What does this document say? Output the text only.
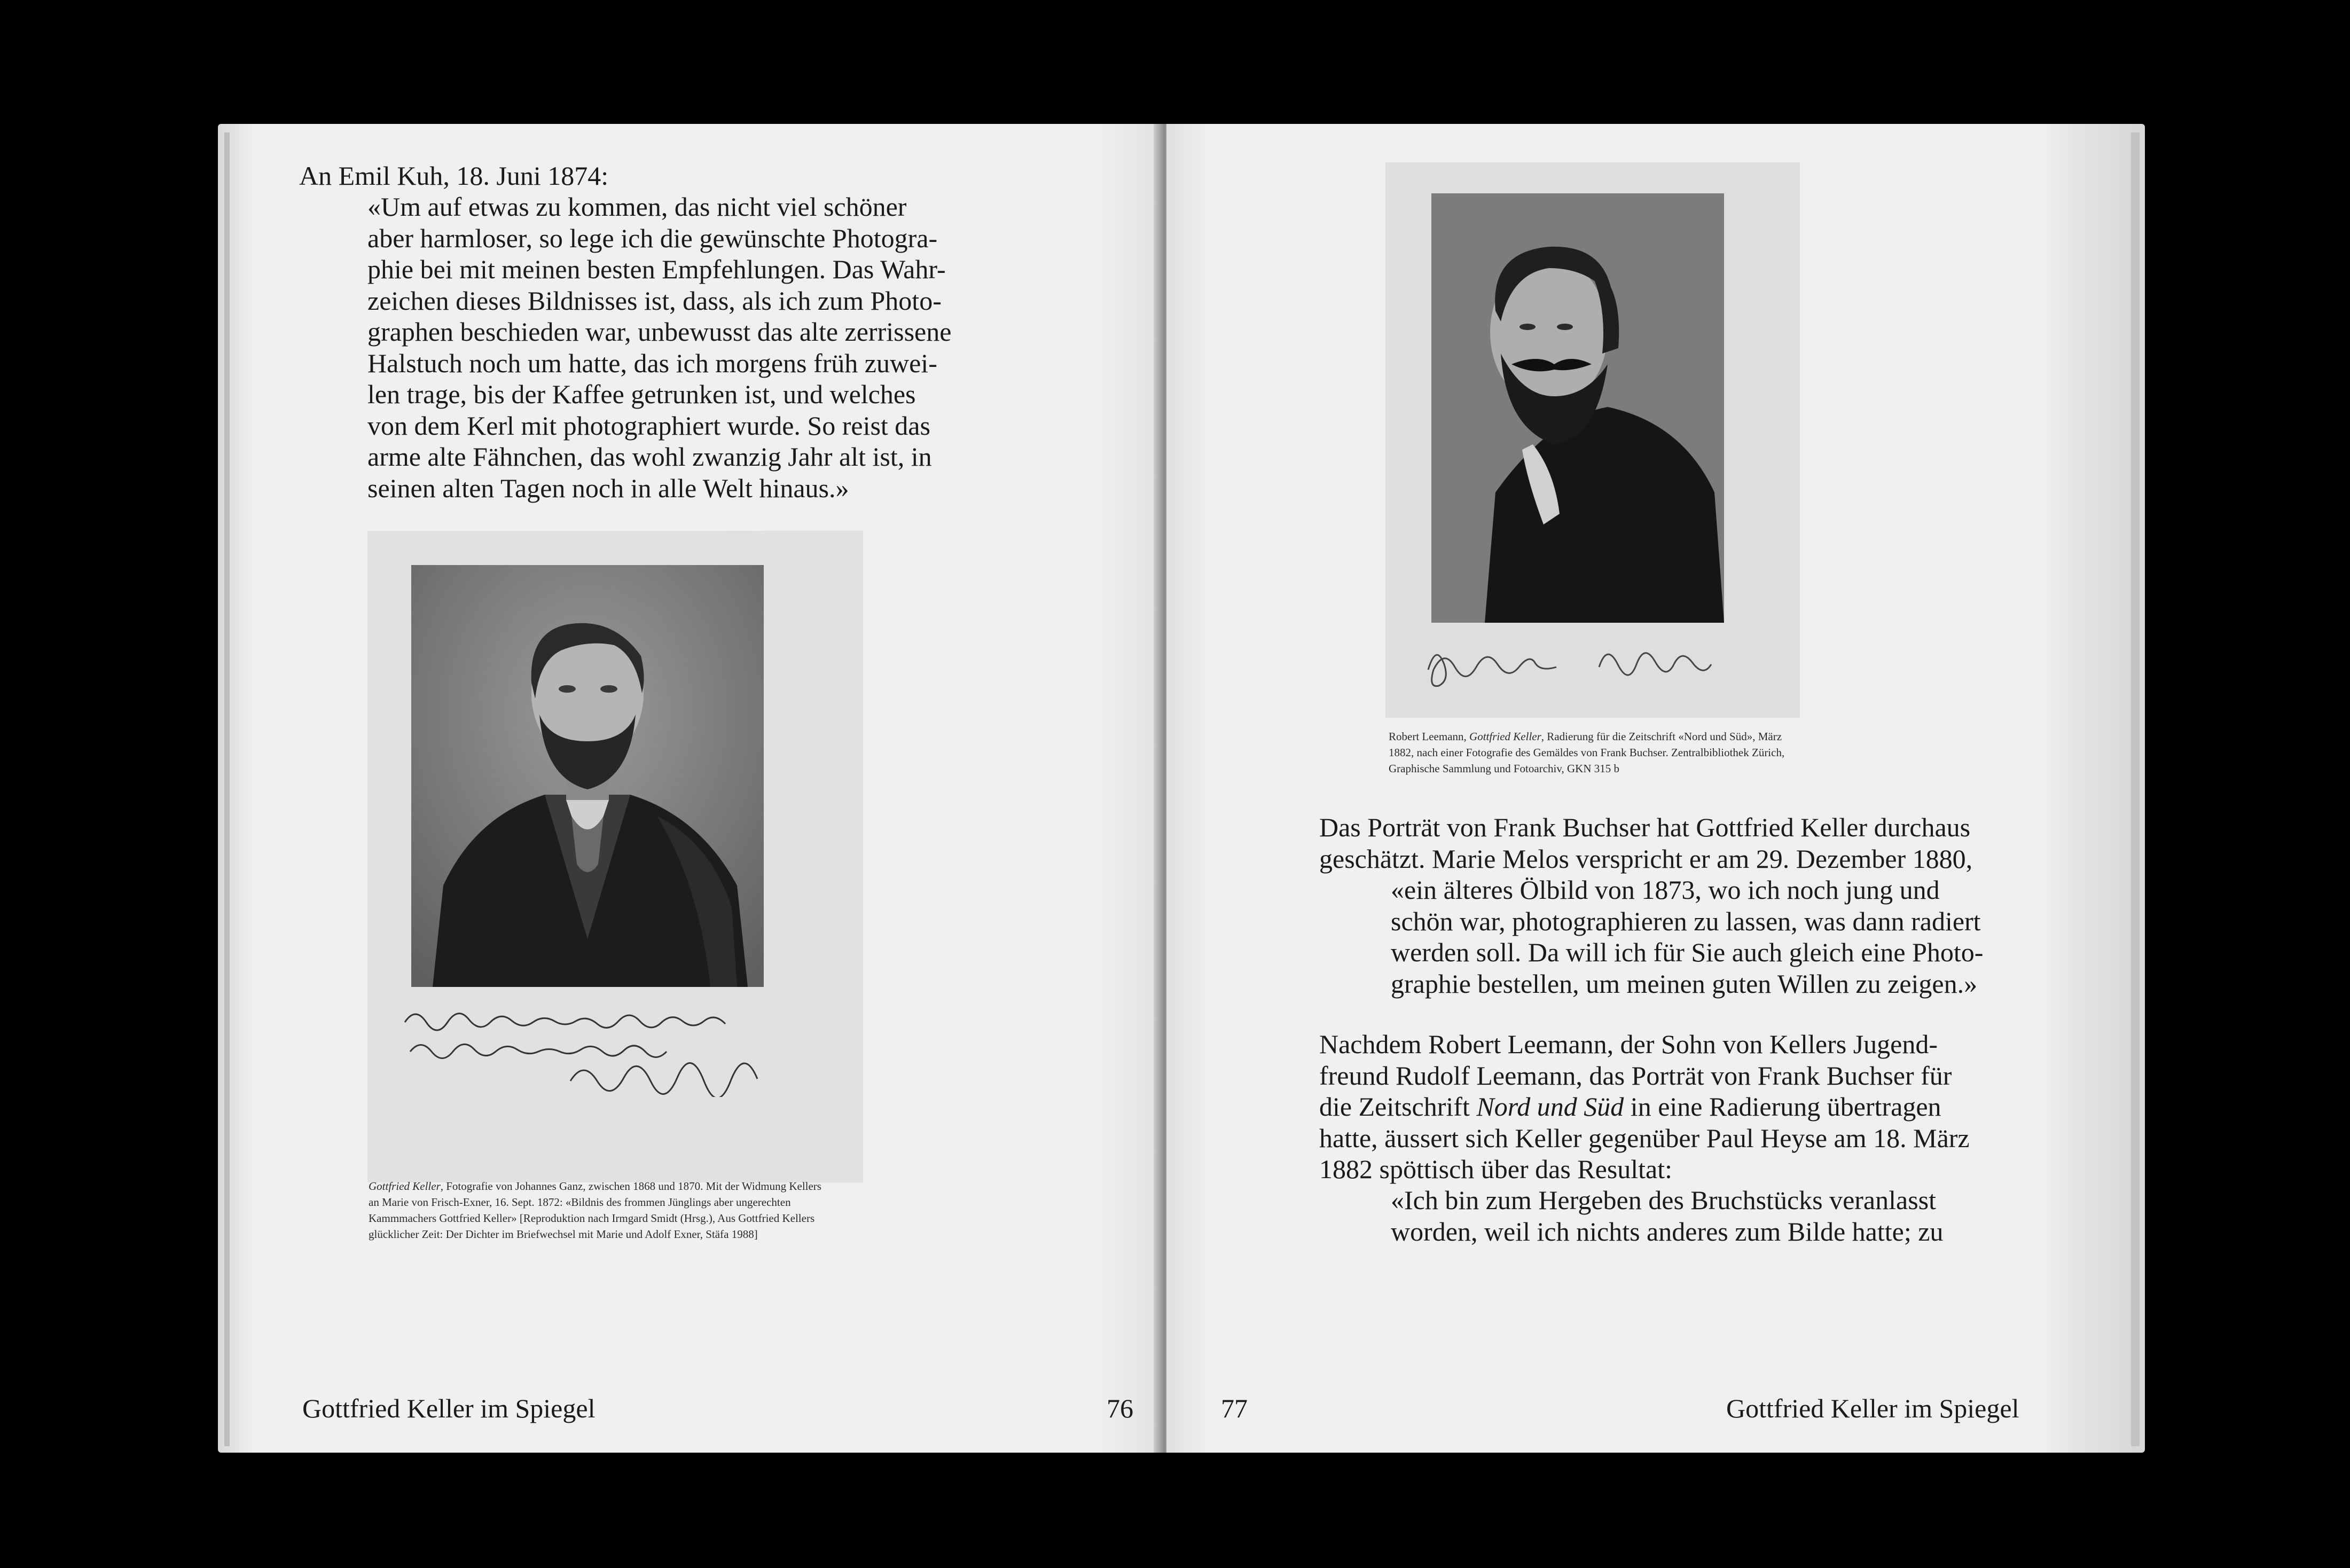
An Emil Kuh, 18. Juni 1874:
«Um auf etwas zu kommen, das nicht viel schöner
aber harmloser, so lege ich die gewünschte Photogra-
phie bei mit meinen besten Empfehlungen. Das Wahr-
zeichen dieses Bildnisses ist, dass, als ich zum Photo-
graphen beschieden war, unbewusst das alte zerrissene
Halstuch noch um hatte, das ich morgens früh zuwei-
len trage, bis der Kaffee getrunken ist, und welches
von dem Kerl mit photographiert wurde. So reist das
arme alte Fähnchen, das wohl zwanzig Jahr alt ist, in
seinen alten Tagen noch in alle Welt hinaus.»
Gottfried Keller, Fotografie von Johannes Ganz, zwischen 1868 und 1870. Mit der Widmung Kellers
an Marie von Frisch-Exner, 16. Sept. 1872: «Bildnis des frommen Jünglings aber ungerechten
Kammmachers Gottfried Keller» [Reproduktion nach Irmgard Smidt (Hrsg.), Aus Gottfried Kellers
glücklicher Zeit: Der Dichter im Briefwechsel mit Marie und Adolf Exner, Stäfa 1988]
Gottfried Keller im Spiegel	76
Robert Leemann, Gottfried Keller, Radierung für die Zeitschrift «Nord und Süd», März
1882, nach einer Fotografie des Gemäldes von Frank Buchser. Zentralbibliothek Zürich,
Graphische Sammlung und Fotoarchiv, GKN 315 b
Das Porträt von Frank Buchser hat Gottfried Keller durchaus
geschätzt. Marie Melos verspricht er am 29. Dezember 1880,
«ein älteres Ölbild von 1873, wo ich noch jung und
schön war, photographieren zu lassen, was dann radiert
werden soll. Da will ich für Sie auch gleich eine Photo-
graphie bestellen, um meinen guten Willen zu zeigen.»
Nachdem Robert Leemann, der Sohn von Kellers Jugend-
freund Rudolf Leemann, das Porträt von Frank Buchser für
die Zeitschrift Nord und Süd in eine Radierung übertragen
hatte, äussert sich Keller gegenüber Paul Heyse am 18. März
1882 spöttisch über das Resultat:
«Ich bin zum Hergeben des Bruchstücks veranlasst
worden, weil ich nichts anderes zum Bilde hatte; zu
77	Gottfried Keller im Spiegel
